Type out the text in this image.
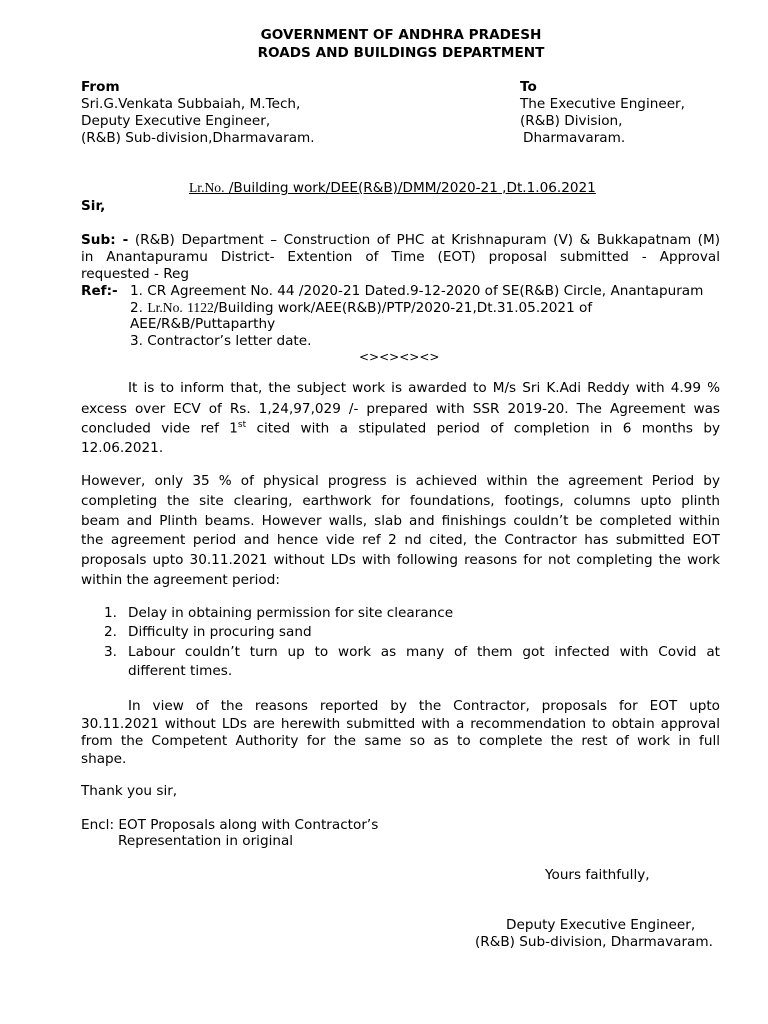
GOVERNMENT OF ANDHRA PRADESH
ROADS AND BUILDINGS DEPARTMENT
From
Sri.G.Venkata Subbaiah, M.Tech,
Deputy Executive Engineer,
(R&B) Sub-division,Dharmavaram.
To
The Executive Engineer,
(R&B) Division,
Dharmavaram.
Lr.No. /Building work/DEE(R&B)/DMM/2020-21 ,Dt.1.06.2021
Sir,
Sub: - (R&B) Department – Construction of PHC at Krishnapuram (V) & Bukkapatnam (M)
in Anantapuramu District- Extention of Time (EOT) proposal submitted - Approval
requested - Reg
Ref:- 1. CR Agreement No. 44 /2020-21 Dated.9-12-2020 of SE(R&B) Circle, Anantapuram
2. Lr.No. 1122/Building work/AEE(R&B)/PTP/2020-21,Dt.31.05.2021 of
AEE/R&B/Puttaparthy
3. Contractor’s letter date.
<><><><>
It is to inform that, the subject work is awarded to M/s Sri K.Adi Reddy with 4.99 %
excess over ECV of Rs. 1,24,97,029 /- prepared with SSR 2019-20. The Agreement was
concluded vide ref 1st cited with a stipulated period of completion in 6 months by
12.06.2021.
However, only 35 % of physical progress is achieved within the agreement Period by
completing the site clearing, earthwork for foundations, footings, columns upto plinth
beam and Plinth beams. However walls, slab and finishings couldn’t be completed within
the agreement period and hence vide ref 2 nd cited, the Contractor has submitted EOT
proposals upto 30.11.2021 without LDs with following reasons for not completing the work
within the agreement period:
1. Delay in obtaining permission for site clearance
2. Difficulty in procuring sand
3. Labour couldn’t turn up to work as many of them got infected with Covid at
different times.
In view of the reasons reported by the Contractor, proposals for EOT upto
30.11.2021 without LDs are herewith submitted with a recommendation to obtain approval
from the Competent Authority for the same so as to complete the rest of work in full
shape.
Thank you sir,
Encl: EOT Proposals along with Contractor’s
Representation in original
Yours faithfully,
Deputy Executive Engineer,
(R&B) Sub-division, Dharmavaram.
